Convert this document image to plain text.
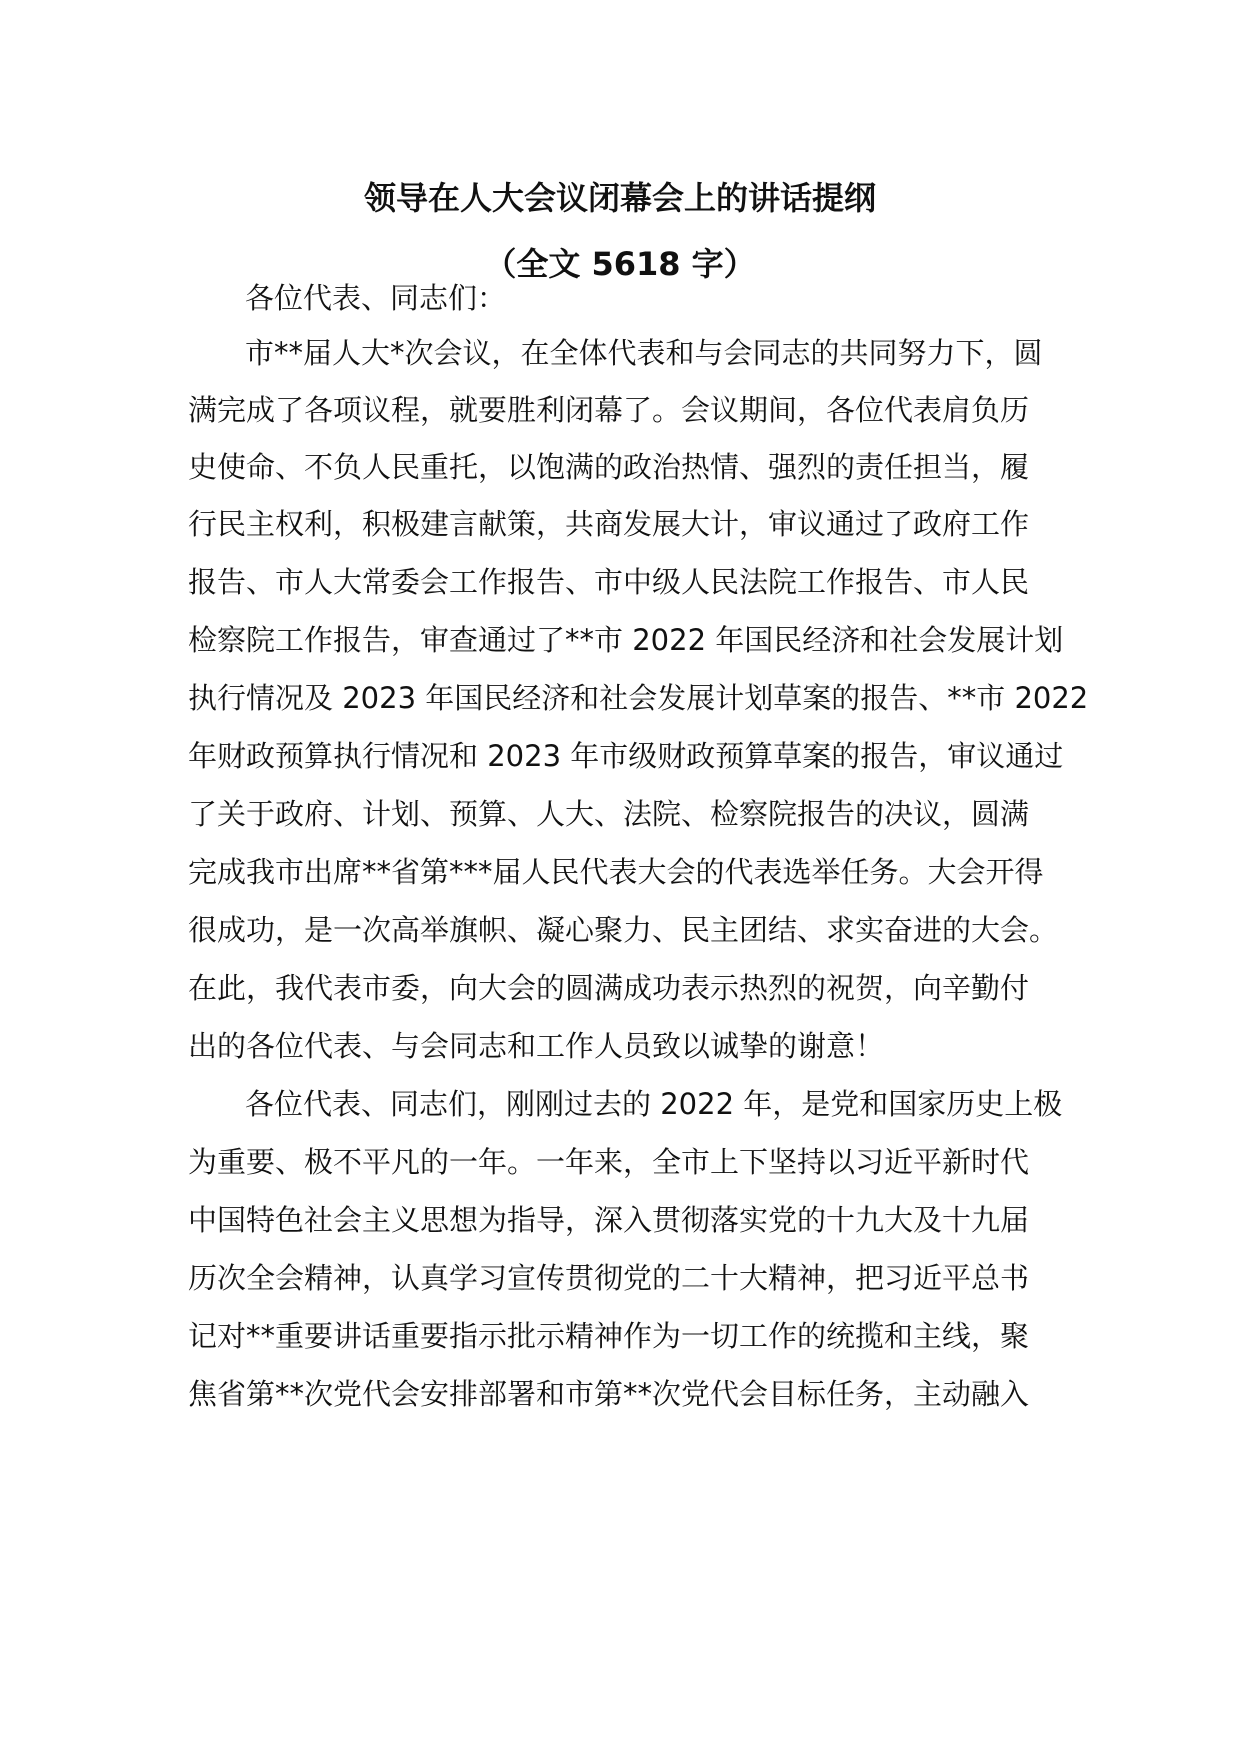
领导在人大会议闭幕会上的讲话提纲
（全文 5618 字）

各位代表、同志们：

市**届人大*次会议，在全体代表和与会同志的共同努力下，圆

满完成了各项议程，就要胜利闭幕了。会议期间，各位代表肩负历

史使命、不负人民重托，以饱满的政治热情、强烈的责任担当，履

行民主权利，积极建言献策，共商发展大计，审议通过了政府工作

报告、市人大常委会工作报告、市中级人民法院工作报告、市人民

检察院工作报告，审查通过了**市 2022 年国民经济和社会发展计划

执行情况及 2023 年国民经济和社会发展计划草案的报告、**市 2022

年财政预算执行情况和 2023 年市级财政预算草案的报告，审议通过

了关于政府、计划、预算、人大、法院、检察院报告的决议，圆满

完成我市出席**省第***届人民代表大会的代表选举任务。大会开得

很成功，是一次高举旗帜、凝心聚力、民主团结、求实奋进的大会。

在此，我代表市委，向大会的圆满成功表示热烈的祝贺，向辛勤付

出的各位代表、与会同志和工作人员致以诚挚的谢意！

各位代表、同志们，刚刚过去的 2022 年，是党和国家历史上极

为重要、极不平凡的一年。一年来，全市上下坚持以习近平新时代

中国特色社会主义思想为指导，深入贯彻落实党的十九大及十九届

历次全会精神，认真学习宣传贯彻党的二十大精神，把习近平总书

记对**重要讲话重要指示批示精神作为一切工作的统揽和主线，聚

焦省第**次党代会安排部署和市第**次党代会目标任务，主动融入
